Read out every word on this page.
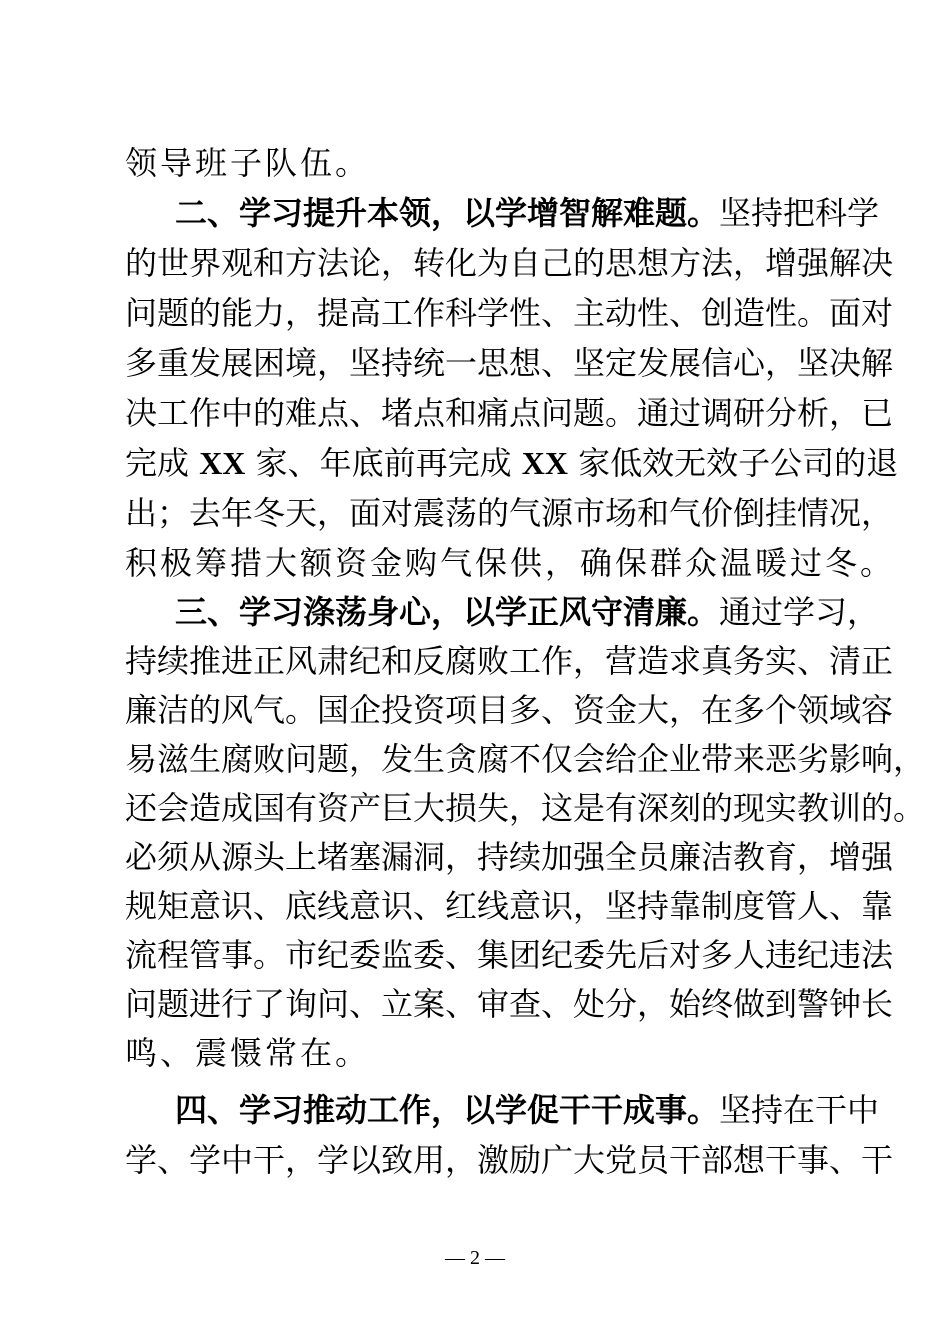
领导班子队伍。
二、学习提升本领，以学增智解难题。坚持把科学
的世界观和方法论，转化为自己的思想方法，增强解决
问题的能力，提高工作科学性、主动性、创造性。面对
多重发展困境，坚持统一思想、坚定发展信心，坚决解
决工作中的难点、堵点和痛点问题。通过调研分析，已
完成 XX 家、年底前再完成 XX 家低效无效子公司的退
出；去年冬天，面对震荡的气源市场和气价倒挂情况，
积极筹措大额资金购气保供，确保群众温暖过冬。
三、学习涤荡身心，以学正风守清廉。通过学习，
持续推进正风肃纪和反腐败工作，营造求真务实、清正
廉洁的风气。国企投资项目多、资金大，在多个领域容
易滋生腐败问题，发生贪腐不仅会给企业带来恶劣影响，
还会造成国有资产巨大损失，这是有深刻的现实教训的。
必须从源头上堵塞漏洞，持续加强全员廉洁教育，增强
规矩意识、底线意识、红线意识，坚持靠制度管人、靠
流程管事。市纪委监委、集团纪委先后对多人违纪违法
问题进行了询问、立案、审查、处分，始终做到警钟长
鸣、震慑常在。
四、学习推动工作，以学促干干成事。坚持在干中
学、学中干，学以致用，激励广大党员干部想干事、干
— 2 —
